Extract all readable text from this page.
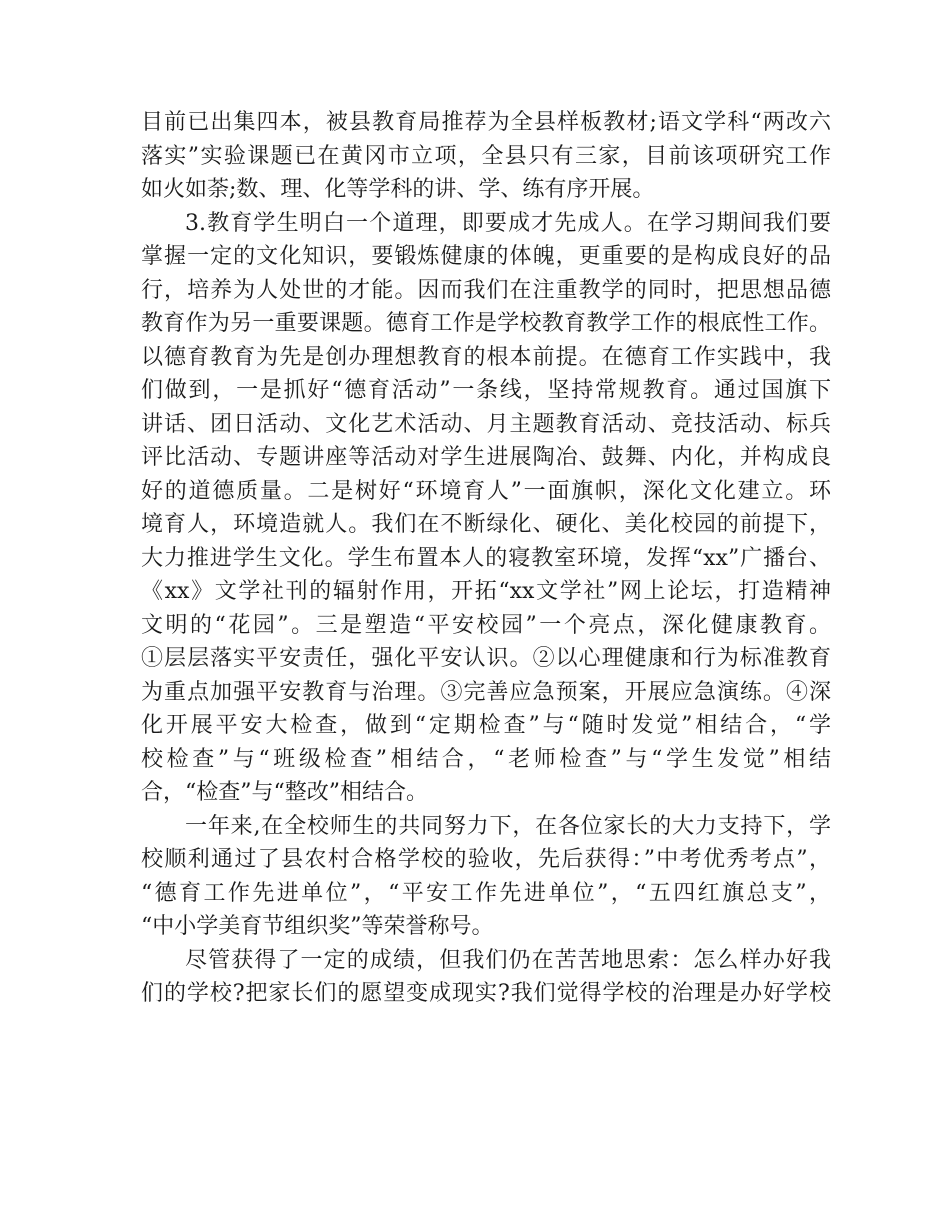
目前已出集四本，被县教育局推荐为全县样板教材;语文学科“两改六
落实”实验课题已在黄冈市立项，全县只有三家，目前该项研究工作
如火如荼;数、理、化等学科的讲、学、练有序开展。
3.教育学生明白一个道理，即要成才先成人。在学习期间我们要
掌握一定的文化知识，要锻炼健康的体魄，更重要的是构成良好的品
行，培养为人处世的才能。因而我们在注重教学的同时，把思想品德
教育作为另一重要课题。德育工作是学校教育教学工作的根底性工作。
以德育教育为先是创办理想教育的根本前提。在德育工作实践中，我
们做到，一是抓好“德育活动”一条线，坚持常规教育。通过国旗下
讲话、团日活动、文化艺术活动、月主题教育活动、竞技活动、标兵
评比活动、专题讲座等活动对学生进展陶冶、鼓舞、内化，并构成良
好的道德质量。二是树好“环境育人”一面旗帜，深化文化建立。环
境育人，环境造就人。我们在不断绿化、硬化、美化校园的前提下，
大力推进学生文化。学生布置本人的寝教室环境，发挥“xx”广播台、
《xx》文学社刊的辐射作用，开拓“xx文学社”网上论坛，打造精神
文明的“花园”。三是塑造“平安校园”一个亮点，深化健康教育。
①层层落实平安责任，强化平安认识。②以心理健康和行为标准教育
为重点加强平安教育与治理。③完善应急预案，开展应急演练。④深
化开展平安大检查，做到“定期检查”与“随时发觉”相结合，“学
校检查”与“班级检查”相结合，“老师检查”与“学生发觉”相结
合，“检查”与“整改”相结合。
一年来,在全校师生的共同努力下，在各位家长的大力支持下，学
校顺利通过了县农村合格学校的验收，先后获得：”中考优秀考点”，
“德育工作先进单位”，“平安工作先进单位”，“五四红旗总支”，
“中小学美育节组织奖”等荣誉称号。
尽管获得了一定的成绩，但我们仍在苦苦地思索：怎么样办好我
们的学校?把家长们的愿望变成现实?我们觉得学校的治理是办好学校
